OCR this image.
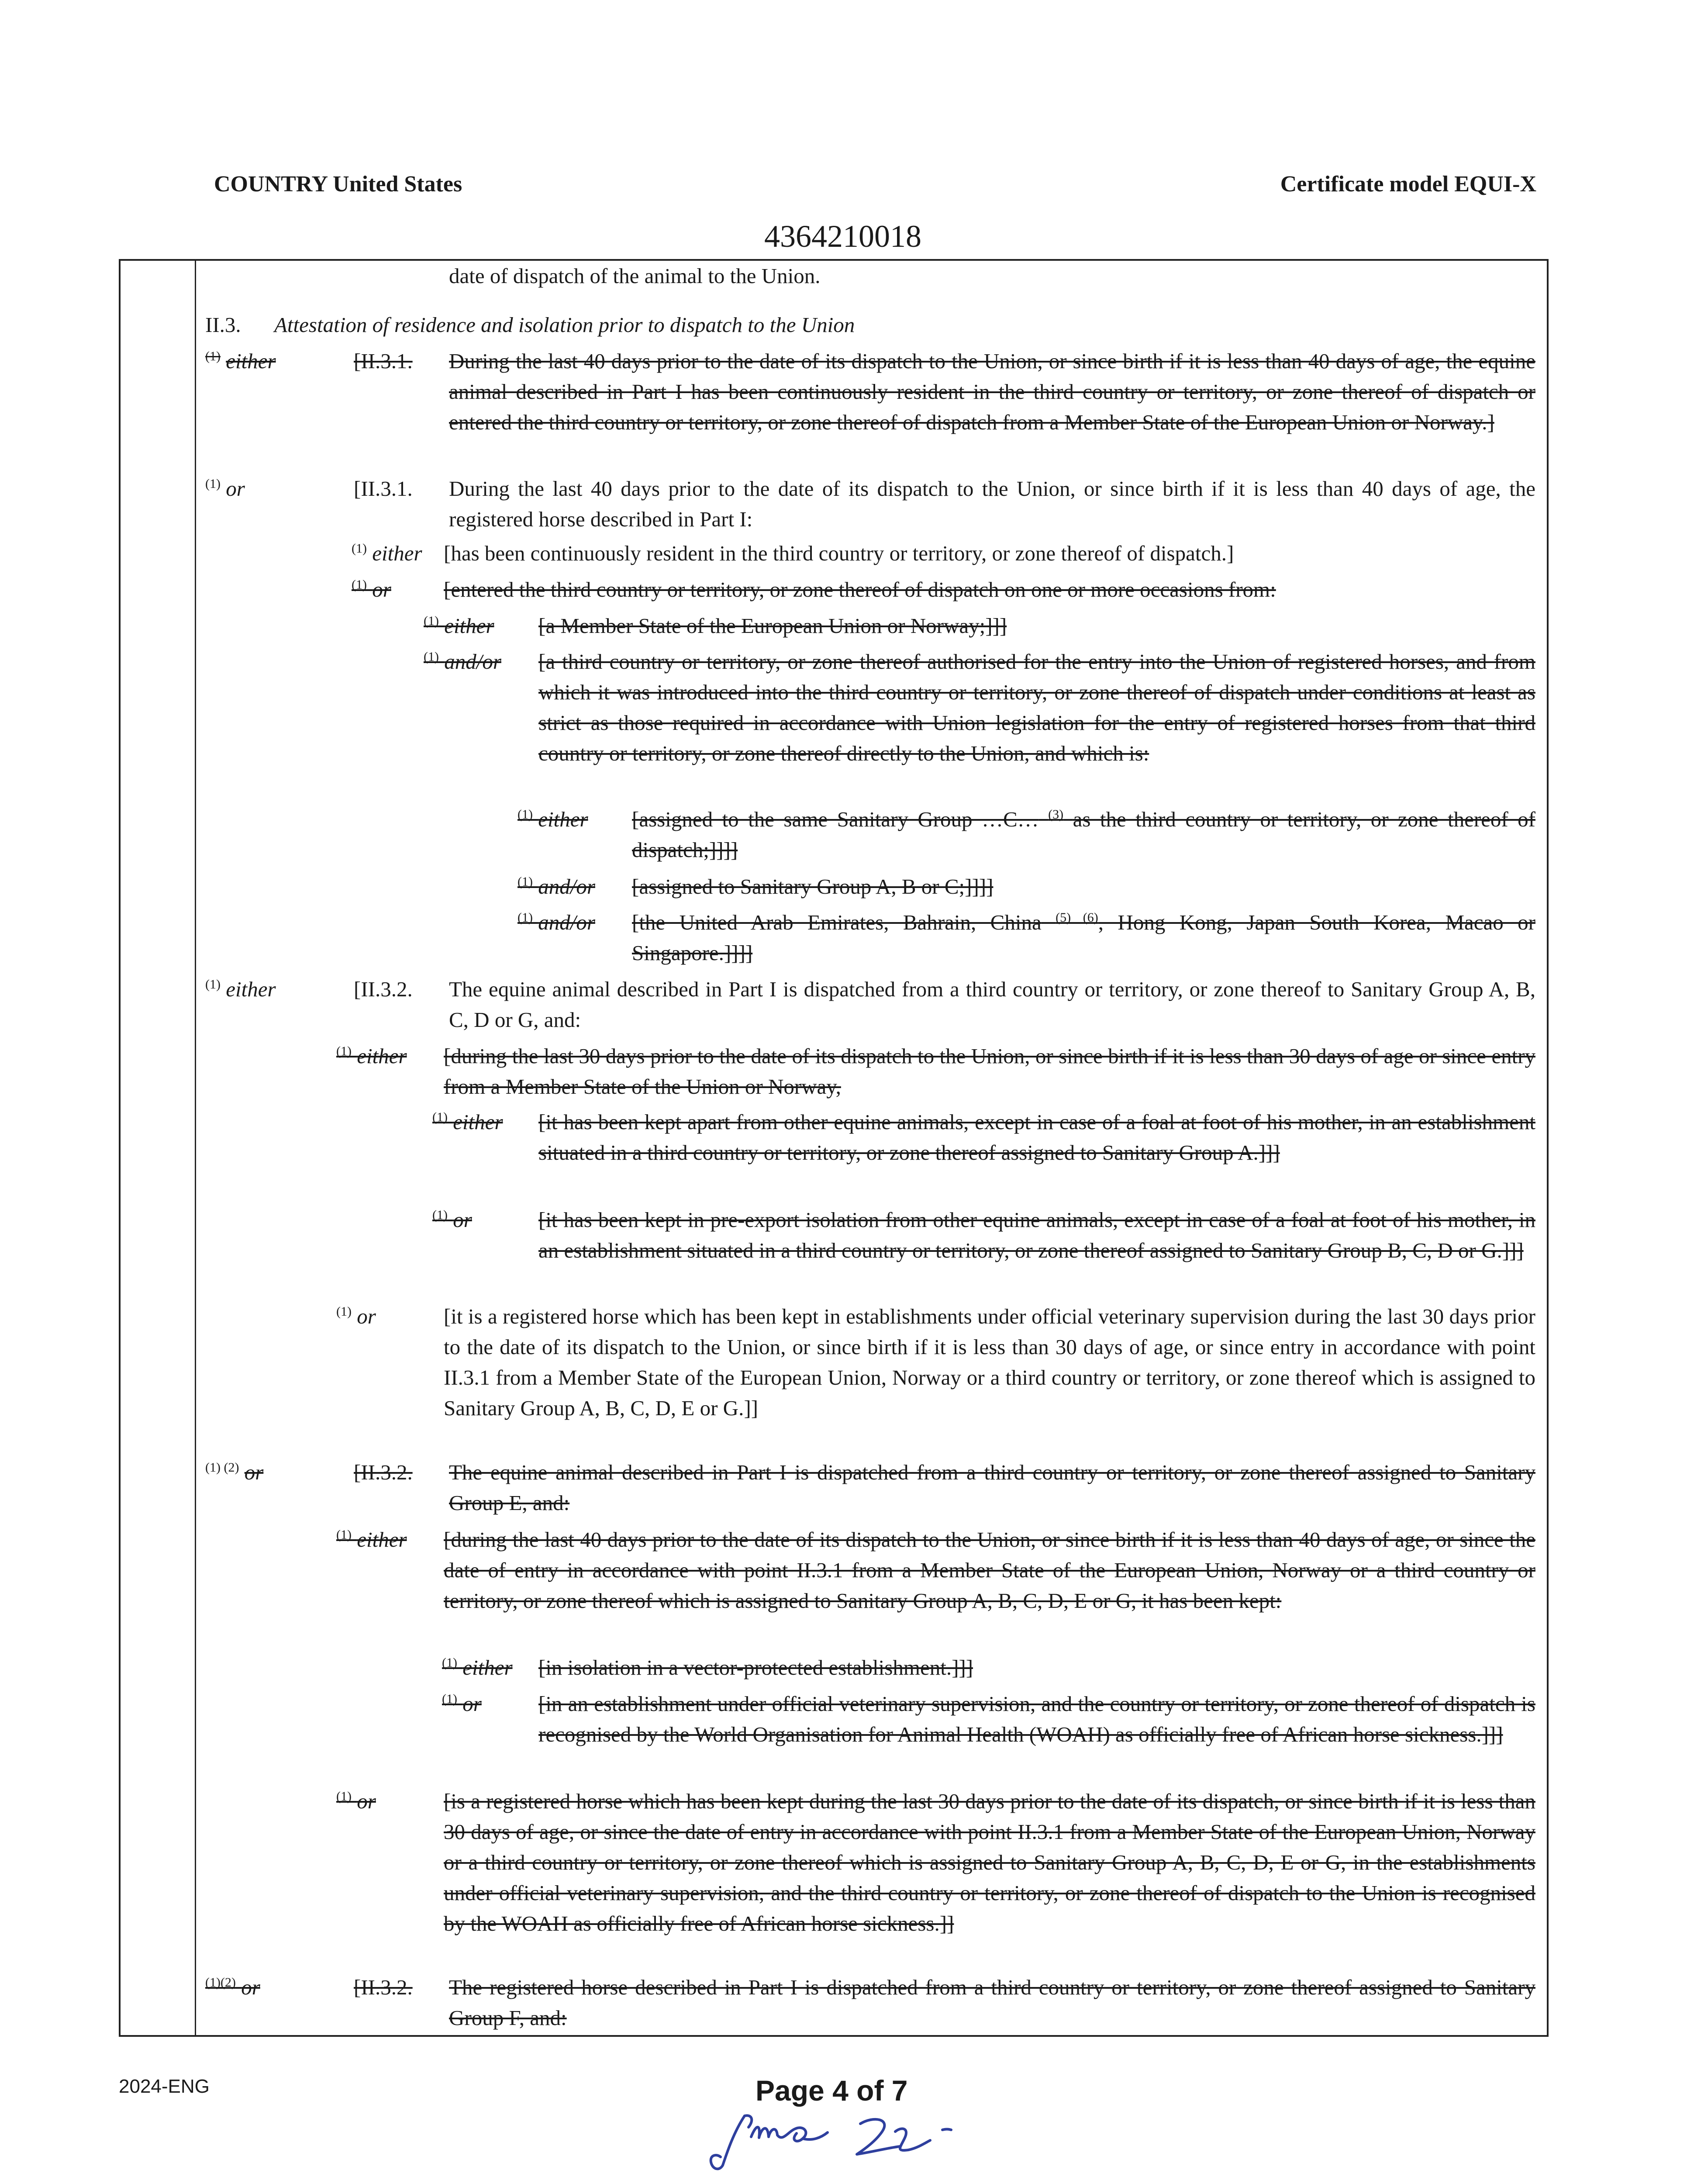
COUNTRY United States	Certificate model EQUI-X
4364210018
date of dispatch of the animal to the Union.
II.3. Attestation of residence and isolation prior to dispatch to the Union
$^{(1)}$ either	[II.3.1. During the last 40 days prior to the date of its dispatch to the Union, or since birth if it is less than 40 days of age, the equine animal described in Part I has been continuously resident in the third country or territory, or zone thereof of dispatch or entered the third country or territory, or zone thereof of dispatch from a Member State of the European Union or Norway.]
$^{(1)}$ or	[II.3.1. During the last 40 days prior to the date of its dispatch to the Union, or since birth if it is less than 40 days of age, the registered horse described in Part I:
$^{(1)}$ either [has been continuously resident in the third country or territory, or zone thereof of dispatch.]
$^{(1)}$ or [entered the third country or territory, or zone thereof of dispatch on one or more occasions from:
$^{(1)}$ either [a Member State of the European Union or Norway;]]]
$^{(1)}$ and/or [a third country or territory, or zone thereof authorised for the entry into the Union of registered horses, and from which it was introduced into the third country or territory, or zone thereof of dispatch under conditions at least as strict as those required in accordance with Union legislation for the entry of registered horses from that third country or territory, or zone thereof directly to the Union, and which is:
$^{(1)}$ either [assigned to the same Sanitary Group …C… $^{(3)}$ as the third country or territory, or zone thereof of dispatch;]]]]
$^{(1)}$ and/or [assigned to Sanitary Group A, B or C;]]]]
$^{(1)}$ and/or [the United Arab Emirates, Bahrain, China $^{(5) (6)}$, Hong Kong, Japan South Korea, Macao or Singapore.]]]]
$^{(1)}$ either	[II.3.2. The equine animal described in Part I is dispatched from a third country or territory, or zone thereof to Sanitary Group A, B, C, D or G, and:
$^{(1)}$ either [during the last 30 days prior to the date of its dispatch to the Union, or since birth if it is less than 30 days of age or since entry from a Member State of the Union or Norway,
$^{(1)}$ either [it has been kept apart from other equine animals, except in case of a foal at foot of his mother, in an establishment situated in a third country or territory, or zone thereof assigned to Sanitary Group A.]]]
$^{(1)}$ or	[it has been kept in pre-export isolation from other equine animals, except in case of a foal at foot of his mother, in an establishment situated in a third country or territory, or zone thereof assigned to Sanitary Group B, C, D or G.]]]
$^{(1)}$ or	[it is a registered horse which has been kept in establishments under official veterinary supervision during the last 30 days prior to the date of its dispatch to the Union, or since birth if it is less than 30 days of age, or since entry in accordance with point II.3.1 from a Member State of the European Union, Norway or a third country or territory, or zone thereof which is assigned to Sanitary Group A, B, C, D, E or G.]]
$^{(1) (2)}$ or	[II.3.2. The equine animal described in Part I is dispatched from a third country or territory, or zone thereof assigned to Sanitary Group E, and:
$^{(1)}$ either [during the last 40 days prior to the date of its dispatch to the Union, or since birth if it is less than 40 days of age, or since the date of entry in accordance with point II.3.1 from a Member State of the European Union, Norway or a third country or territory, or zone thereof which is assigned to Sanitary Group A, B, C, D, E or G, it has been kept:
$^{(1)}$ either [in isolation in a vector-protected establishment.]]]
$^{(1)}$ or	[in an establishment under official veterinary supervision, and the country or territory, or zone thereof of dispatch is recognised by the World Organisation for Animal Health (WOAH) as officially free of African horse sickness.]]]
$^{(1)}$ or	[is a registered horse which has been kept during the last 30 days prior to the date of its dispatch, or since birth if it is less than 30 days of age, or since the date of entry in accordance with point II.3.1 from a Member State of the European Union, Norway or a third country or territory, or zone thereof which is assigned to Sanitary Group A, B, C, D, E or G, in the establishments under official veterinary supervision, and the third country or territory, or zone thereof of dispatch to the Union is recognised by the WOAH as officially free of African horse sickness.]]
$^{(1)(2)}$ or	[II.3.2. The registered horse described in Part I is dispatched from a third country or territory, or zone thereof assigned to Sanitary Group F, and:
2024-ENG	Page 4 of 7
